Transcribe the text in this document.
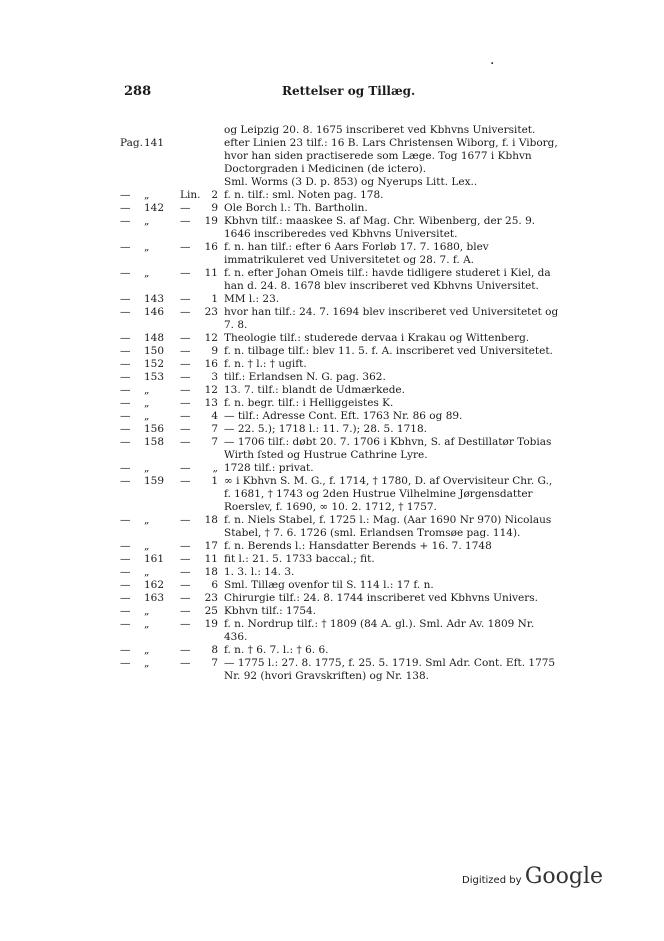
288	Rettelser og Tillæg.
·
og Leipzig 20. 8. 1675 inscriberet ved Kbhvns Universitet.
Pag. 141	efter Linien 23 tilf.: 16 B. Lars Christensen Wiborg, f. i Viborg, hvor han siden practiserede som Læge. Tog 1677 i Kbhvn Doctorgraden i Medicinen (de ictero).
Sml. Worms (3 D. p. 853) og Nyerups Litt. Lex..
—	„	Lin.	2 f. n. tilf.: sml. Noten pag. 178.
—	142	—	9 Ole Borch l.: Th. Bartholin.
—	„	—	19 Kbhvn tilf.: maaskee S. af Mag. Chr. Wibenberg, der 25. 9. 1646 inscriberedes ved Kbhvns Universitet.
—	„	—	16 f. n. han tilf.: efter 6 Aars Forløb 17. 7. 1680, blev immatrikuleret ved Universitetet og 28. 7. f. A.
—	„	—	11 f. n. efter Johan Omeis tilf.: havde tidligere studeret i Kiel, da han d. 24. 8. 1678 blev inscriberet ved Kbhvns Universitet.
—	143	—	1 MM l.: 23.
—	146	—	23 hvor han tilf.: 24. 7. 1694 blev inscriberet ved Universitetet og 7. 8.
—	148	—	12 Theologie tilf.: studerede dervaa i Krakau og Wittenberg.
—	150	—	9 f. n. tilbage tilf.: blev 11. 5. f. A. inscriberet ved Universitetet.
—	152	—	16 f. n. † l.: † ugift.
—	153	—	3 tilf.: Erlandsen N. G. pag. 362.
—	„	—	12 13. 7. tilf.: blandt de Udmærkede.
—	„	—	13 f. n. begr. tilf.: i Helliggeistes K.
—	„	—	4 — tilf.: Adresse Cont. Eft. 1763 Nr. 86 og 89.
—	156	—	7 — 22. 5.); 1718 l.: 11. 7.); 28. 5. 1718.
—	158	—	7 — 1706 tilf.: døbt 20. 7. 1706 i Kbhvn, S. af Destillatør Tobias Wirth ſsted og Hustrue Cathrine Lyre.
—	„	—	„ 1728 tilf.: privat.
—	159	—	1 ∞ i Kbhvn S. M. G., f. 1714, † 1780, D. af Overvisiteur Chr. G., f. 1681, † 1743 og 2den Hustrue Vilhelmine Jørgensdatter Roerslev, f. 1690, ∞ 10. 2. 1712, † 1757.
—	„	—	18 f. n. Niels Stabel, f. 1725 l.: Mag. (Aar 1690 Nr 970) Nicolaus Stabel, † 7. 6. 1726 (sml. Erlandsen Tromsøe pag. 114).
—	„	—	17 f. n. Berends l.: Hansdatter Berends + 16. 7. 1748
—	161	—	11 fit l.: 21. 5. 1733 baccal.; fit.
—	„	—	18 1. 3. l.: 14. 3.
—	162	—	6 Sml. Tillæg ovenfor til S. 114 l.: 17 f. n.
—	163	—	23 Chirurgie tilf.: 24. 8. 1744 inscriberet ved Kbhvns Univers.
—	„	—	25 Kbhvn tilf.: 1754.
—	„	—	19 f. n. Nordrup tilf.: † 1809 (84 A. gl.). Sml. Adr Av. 1809 Nr. 436.
—	„	—	8 f. n. † 6. 7. l.: † 6. 6.
—	„	—	7 — 1775 l.: 27. 8. 1775, f. 25. 5. 1719. Sml Adr. Cont. Eft. 1775 Nr. 92 (hvori Gravskriften) og Nr. 138.
Digitized by Google
